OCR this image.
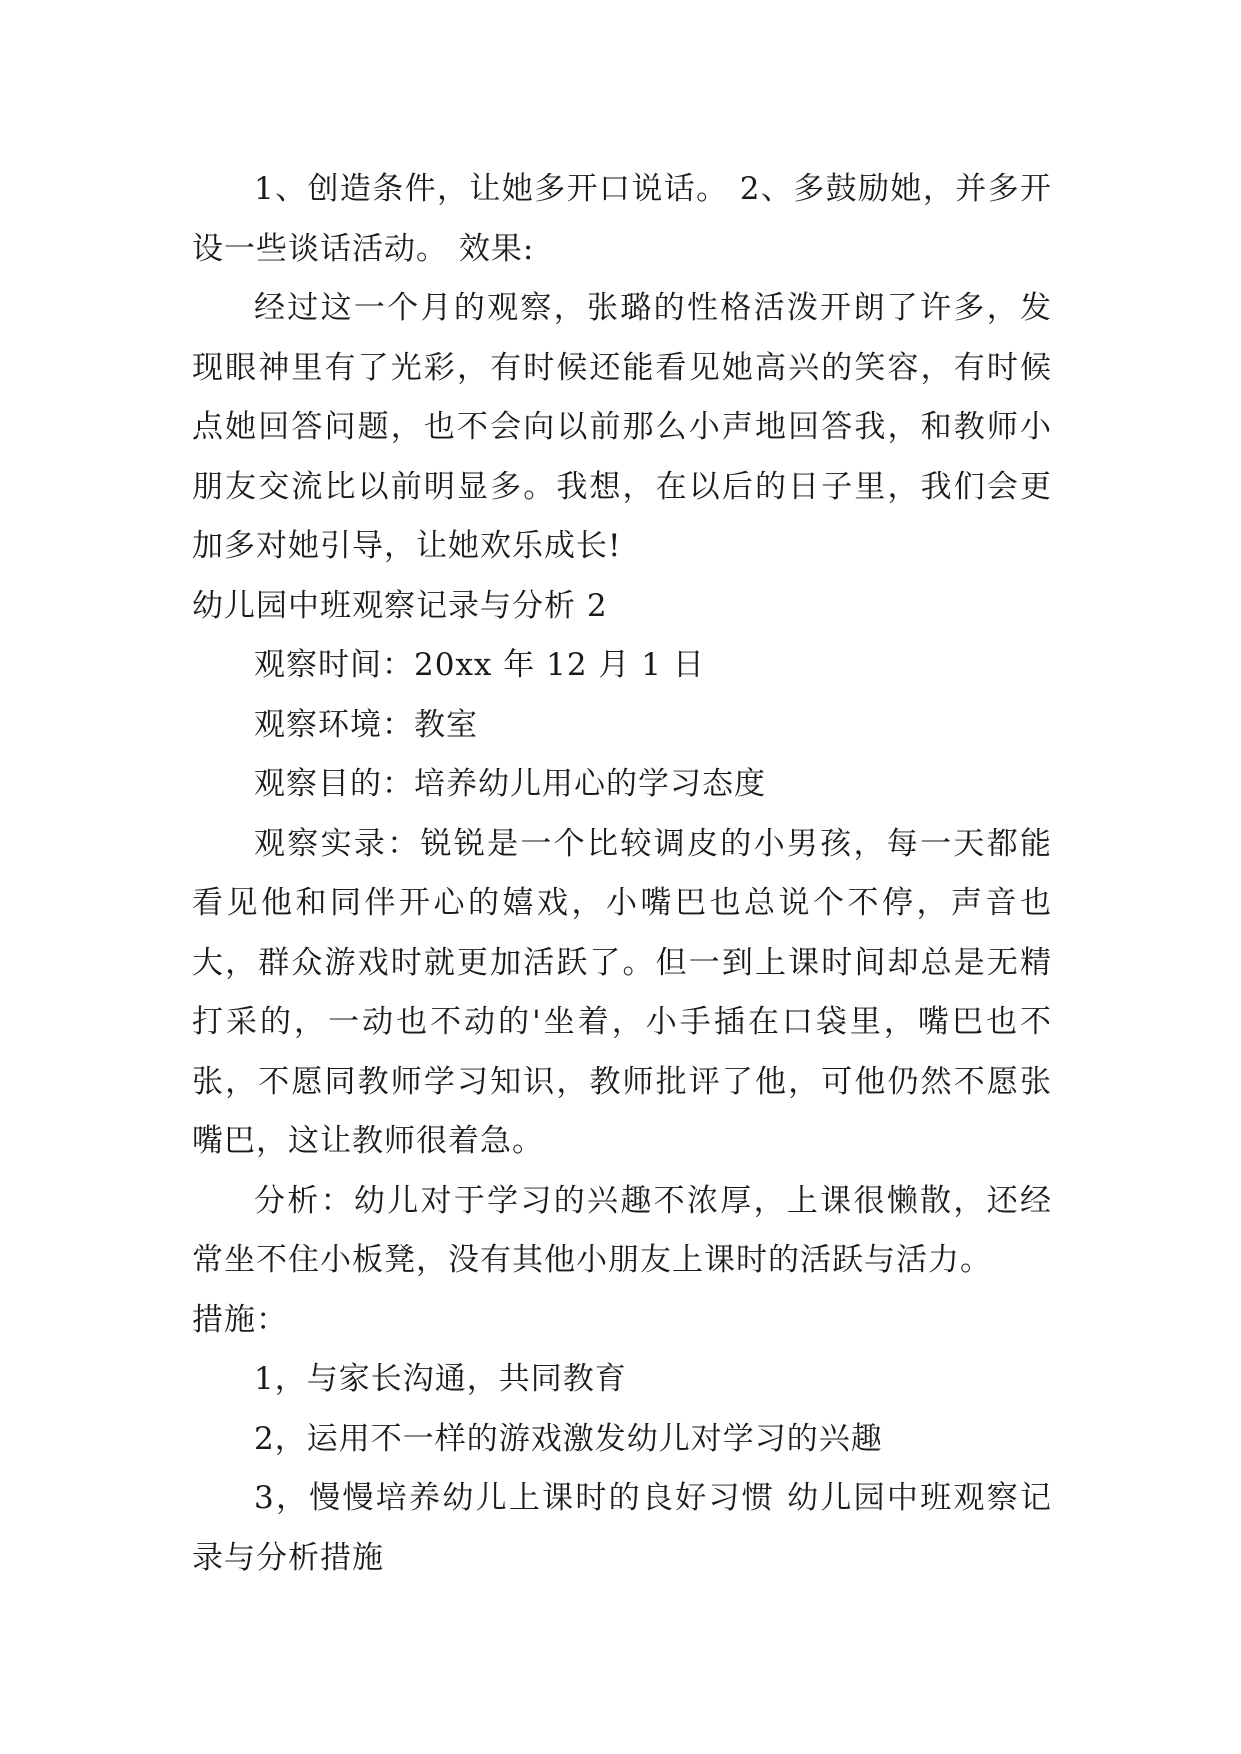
1、创造条件，让她多开口说话。 2、多鼓励她，并多开设一些谈话活动。 效果:

经过这一个月的观察，张璐的性格活泼开朗了许多，发现眼神里有了光彩，有时候还能看见她高兴的笑容，有时候点她回答问题，也不会向以前那么小声地回答我，和教师小朋友交流比以前明显多。我想，在以后的日子里，我们会更加多对她引导，让她欢乐成长!

幼儿园中班观察记录与分析 2

观察时间：20xx 年 12 月 1 日

观察环境：教室

观察目的：培养幼儿用心的学习态度

观察实录：锐锐是一个比较调皮的小男孩，每一天都能看见他和同伴开心的嬉戏，小嘴巴也总说个不停，声音也大，群众游戏时就更加活跃了。但一到上课时间却总是无精打采的，一动也不动的'坐着，小手插在口袋里，嘴巴也不张，不愿同教师学习知识，教师批评了他，可他仍然不愿张嘴巴，这让教师很着急。

分析：幼儿对于学习的兴趣不浓厚，上课很懒散，还经常坐不住小板凳，没有其他小朋友上课时的活跃与活力。

措施：

1，与家长沟通，共同教育

2，运用不一样的游戏激发幼儿对学习的兴趣

3，慢慢培养幼儿上课时的良好习惯 幼儿园中班观察记录与分析措施
